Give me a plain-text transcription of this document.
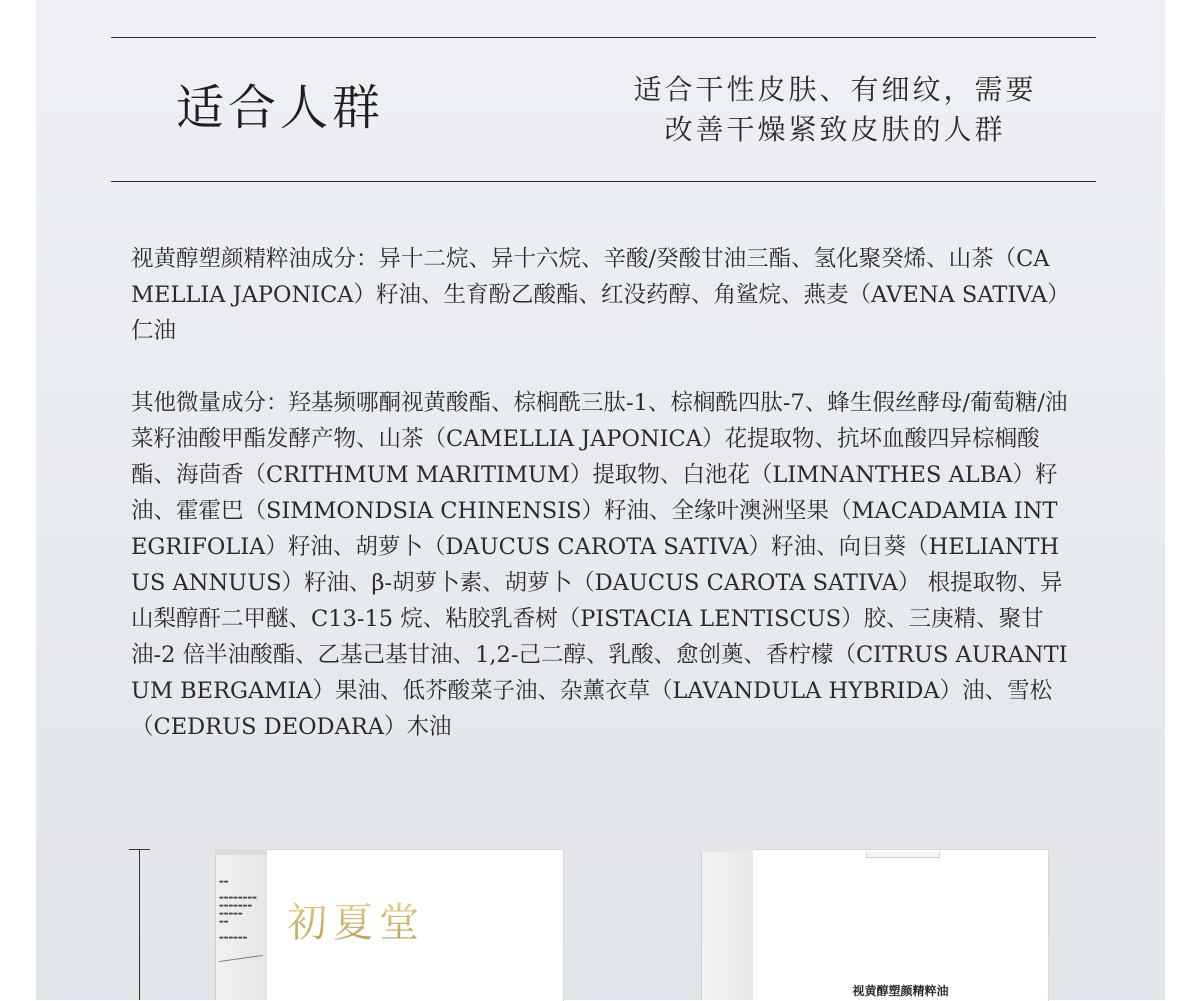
适合人群	适合干性皮肤、有细纹，需要
改善干燥紧致皮肤的人群

视黄醇塑颜精粹油成分：异十二烷、异十六烷、辛酸/癸酸甘油三酯、氢化聚癸烯、山茶（CAMELLIA JAPONICA）籽油、生育酚乙酸酯、红没药醇、角鲨烷、燕麦（AVENA SATIVA）仁油

其他微量成分：羟基频哪酮视黄酸酯、棕榈酰三肽-1、棕榈酰四肽-7、蜂生假丝酵母/葡萄糖/油菜籽油酸甲酯发酵产物、山茶（CAMELLIA JAPONICA）花提取物、抗坏血酸四异棕榈酸酯、海茴香（CRITHMUM MARITIMUM）提取物、白池花（LIMNANTHES ALBA）籽油、霍霍巴（SIMMONDSIA CHINENSIS）籽油、全缘叶澳洲坚果（MACADAMIA INTEGRIFOLIA）籽油、胡萝卜（DAUCUS CAROTA SATIVA）籽油、向日葵（HELIANTHUS ANNUUS）籽油、β-胡萝卜素、胡萝卜（DAUCUS CAROTA SATIVA） 根提取物、异山梨醇酐二甲醚、C13-15 烷、粘胶乳香树（PISTACIA LENTISCUS）胶、三庚精、聚甘油-2 倍半油酸酯、乙基己基甘油、1,2-己二醇、乳酸、愈创薁、香柠檬（CITRUS AURANTIUM BERGAMIA）果油、低芥酸菜子油、杂薰衣草（LAVANDULA HYBRIDA）油、雪松（CEDRUS DEODARA）木油

▬▬

▬▬▬▬▬▬▬▬
▬▬▬▬▬▬▬
▬▬▬▬▬
▬▬

▬▬▬▬▬▬ 初夏堂
视黄醇塑颜精粹油
